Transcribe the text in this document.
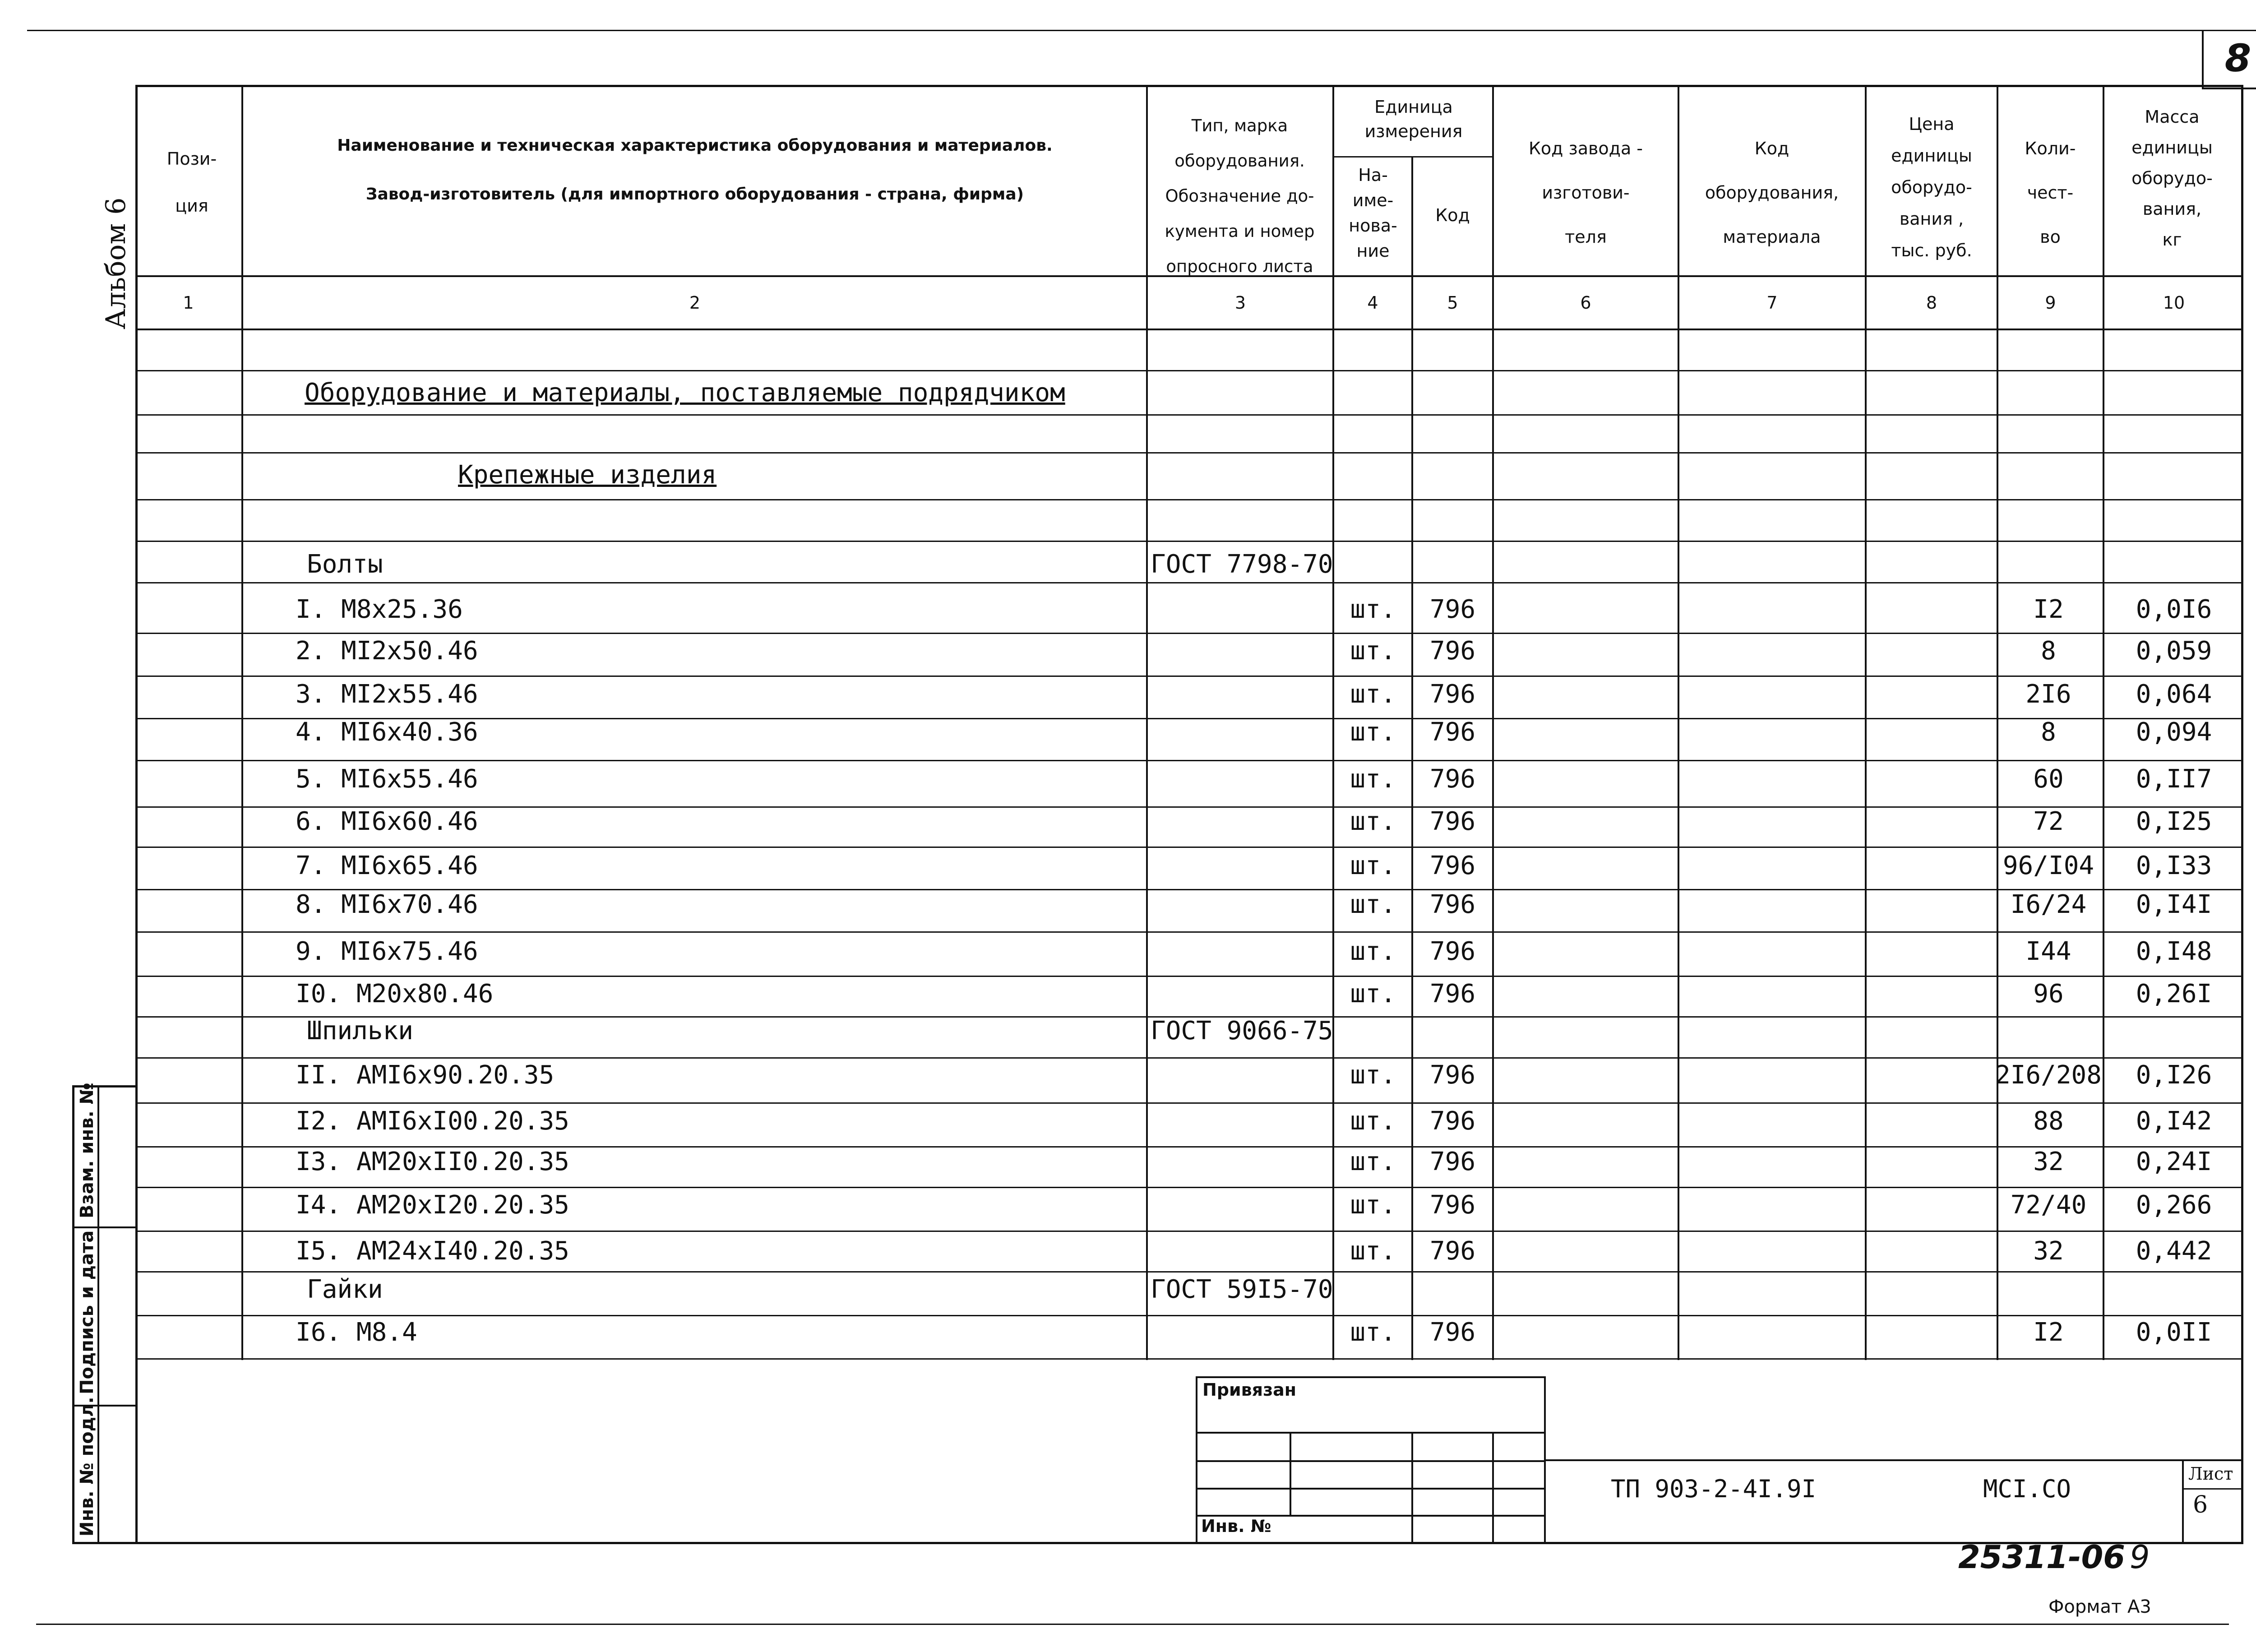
8
Альбом 6
Пози-
ция
Наименование и техническая характеристика оборудования и материалов.
Завод-изготовитель (для импортного оборудования - страна, фирма)
Тип, марка
оборудования.
Обозначение до-
кумента и номер
опросного листа
Единица
измерения
На-
име-
нова-
ние
Код
Код завода -
изготови-
теля
Код
оборудования,
материала
Цена
единицы
оборудо-
вания ,
тыс. руб.
Коли-
чест-
во
Масса
единицы
оборудо-
вания,
кг
1	2	3	4	5	6	7	8	9	10
Оборудование и материалы, поставляемые подрядчиком
Крепежные изделия
Болты	ГОСТ 7798-70
I. M8x25.36	шт.	796	I2	0,0I6
2. MI2x50.46	шт.	796	8	0,059
3. MI2x55.46	шт.	796	2I6	0,064
4. MI6x40.36	шт.	796	8	0,094
5. MI6x55.46	шт.	796	60	0,II7
6. MI6x60.46	шт.	796	72	0,I25
7. MI6x65.46	шт.	796	96/I04	0,I33
8. MI6x70.46	шт.	796	I6/24	0,I4I
9. MI6x75.46	шт.	796	I44	0,I48
I0. M20x80.46	шт.	796	96	0,26I
Шпильки	ГОСТ 9066-75
II. AMI6x90.20.35	шт.	796	2I6/208	0,I26
I2. AMI6xI00.20.35	шт.	796	88	0,I42
I3. AM20xII0.20.35	шт.	796	32	0,24I
I4. AM20xI20.20.35	шт.	796	72/40	0,266
I5. AM24xI40.20.35	шт.	796	32	0,442
Гайки	ГОСТ 59I5-70
I6. M8.4	шт.	796	I2	0,0II
Взам. инв. №
Подпись и дата
Инв. № подл.
Привязан
Инв. №
ТП 903-2-4I.9I	MCI.CO
Лист
6
25311-06 9
Формат А3
